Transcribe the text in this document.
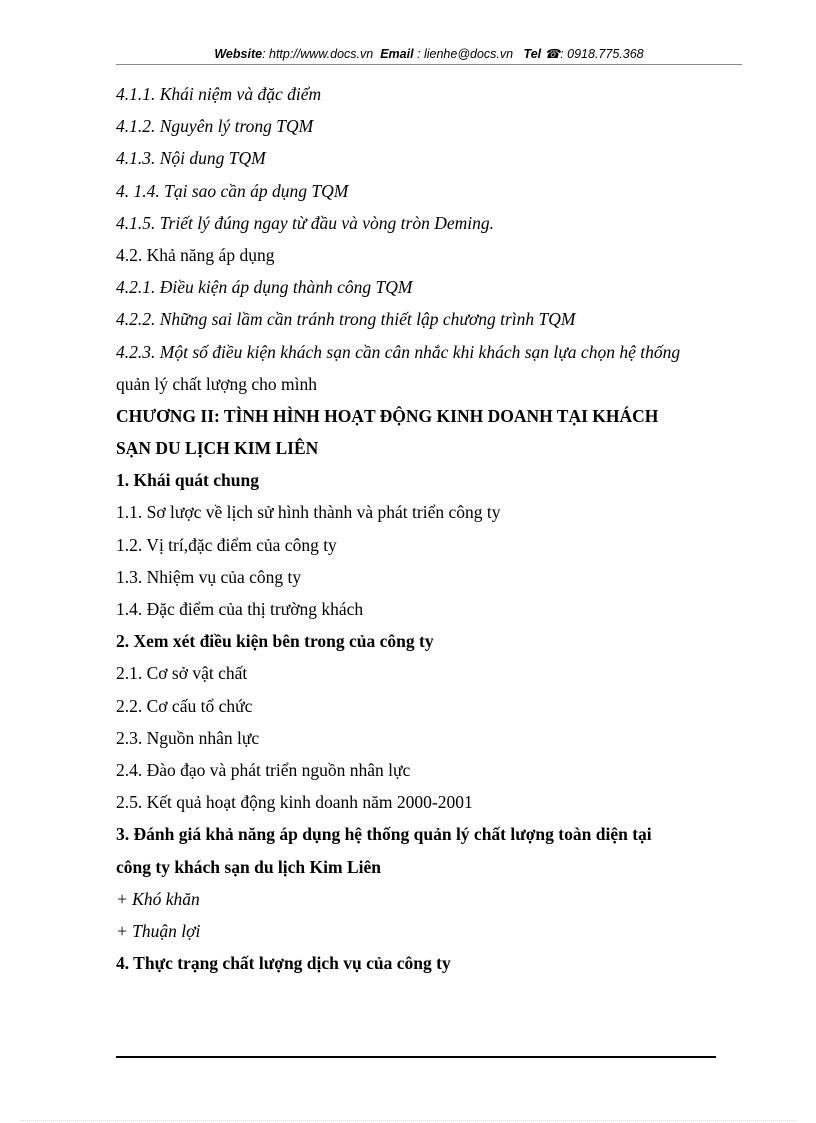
Website: http://www.docs.vn Email : lienhe@docs.vn Tel ☎: 0918.775.368
4.1.1. Khái niệm và đặc điểm
4.1.2. Nguyên lý trong TQM
4.1.3. Nội dung TQM
4. 1.4. Tại sao cần áp dụng TQM
4.1.5. Triết lý đúng ngay từ đầu và vòng tròn Deming.
4.2. Khả năng áp dụng
4.2.1. Điều kiện áp dụng thành công TQM
4.2.2. Những sai lầm cần tránh trong thiết lập chương trình TQM
4.2.3. Một số điều kiện khách sạn cần cân nhắc khi khách sạn lựa chọn hệ thống
quản lý chất lượng cho mình
CHƯƠNG II: TÌNH HÌNH HOẠT ĐỘNG KINH DOANH TẠI KHÁCH
SẠN DU LỊCH KIM LIÊN
1. Khái quát chung
1.1. Sơ lược về lịch sử hình thành và phát triển công ty
1.2. Vị trí,đặc điểm của công ty
1.3. Nhiệm vụ của công ty
1.4. Đặc điểm của thị trường khách
2. Xem xét điều kiện bên trong của công ty
2.1. Cơ sở vật chất
2.2. Cơ cấu tổ chức
2.3. Nguồn nhân lực
2.4. Đào đạo và phát triển nguồn nhân lực
2.5. Kết quả hoạt động kinh doanh năm 2000-2001
3. Đánh giá khả năng áp dụng hệ thống quản lý chất lượng toàn diện tại
công ty khách sạn du lịch Kim Liên
+ Khó khăn
+ Thuận lợi
4. Thực trạng chất lượng dịch vụ của công ty
